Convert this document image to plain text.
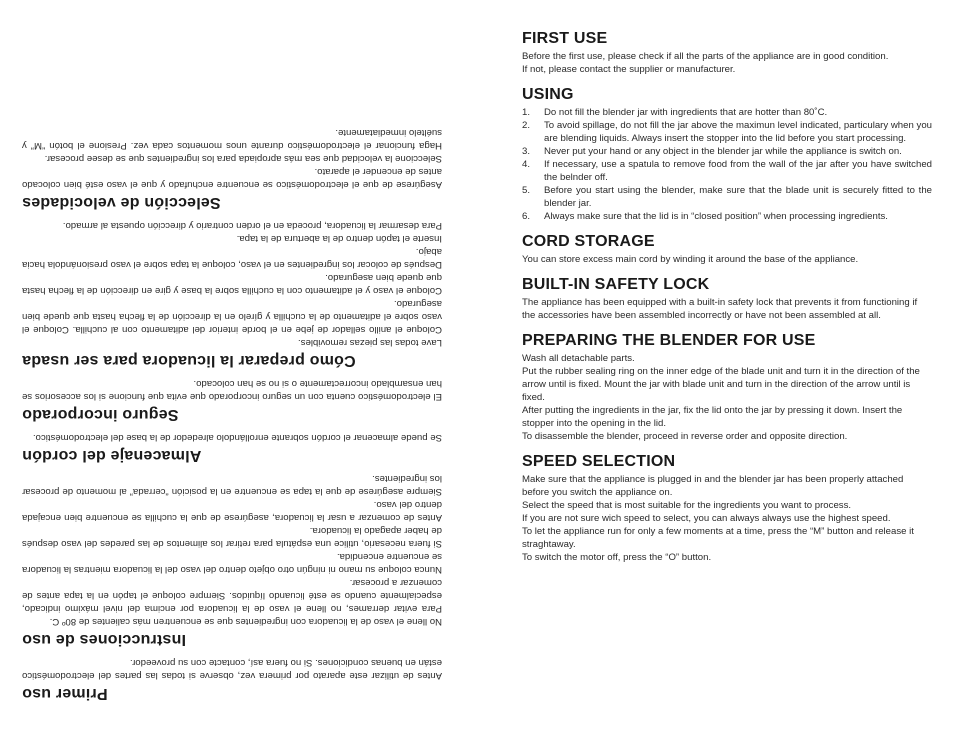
Primer uso

Antes de utilizar este aparato por primera vez, observe si todas las partes del electrodoméstico están en buenas condiciones. Si no fuera así, contacte con su proveedor.

Instrucciones de uso

No llene el vaso de la licuadora con ingredientes que se encuentren más calientes de 80º C.

Para evitar derrames, no llene el vaso de la licuadora por encima del nivel máximo indicado, especialmente cuando se esté licuando líquidos. Siempre coloque el tapón en la tapa antes de comenzar a procesar.

Nunca coloque su mano ni ningún otro objeto dentro del vaso del la licuadora mientras la licuadora se encuentre encendida.

Si fuera necesario, utilice una espátula para retirar los alimentos de las paredes del vaso después de haber apagado la licuadora.

Antes de comenzar a usar la licuadora, asegúrese de que la cuchilla se encuentre bien encajada dentro del vaso.

Siempre asegúrese de que la tapa se encuentre en la posición “cerrada” al momento de procesar los ingredientes.

Almacenaje del cordón

Se puede almacenar el cordón sobrante enrollándolo alrededor de la base del electrodoméstico.

Seguro incorporado

El electrodoméstico cuenta con un seguro incorporado que evita que funcione si los accesorios se han ensamblado incorrectamente o si no se han colocado.

Cómo preparar la licuadora para ser usada

Lave todas las piezas removibles.

Coloque el anillo sellador de jebe en el borde interior del aditamento con al cuchilla. Coloque el vaso sobre el aditamento de la cuchilla y gírelo en la dirección de la flecha hasta que quede bien asegurado.

Coloque el vaso y el aditamento con la cuchilla sobre la base y gire en dirección de la flecha hasta que quede bien asegurado.

Después de colocar los ingredientes en el vaso, coloque la tapa sobre el vaso presionándola hacia abajo.

Inserte el tapón dentro de la abertura de la tapa.

Para desarmar la licuadora, proceda en el orden contrario y dirección opuesta al armado.

Selección de velocidades

Asegúrese de que el electrodoméstico se encuentre enchufado y que el vaso esté bien colocado antes de encender el aparato.

Seleccione la velocidad que sea más apropiada para los ingredientes que se desee procesar.

Haga funcionar el electrodoméstico durante unos momentos cada vez. Presione el botón “M” y suéltelo inmediatamente.

FIRST USE

Before the first use, please check if all the parts of the appliance are in good condition.

If not, please contact the supplier or manufacturer.

USING
1.	Do not fill the blender jar with ingredients that are hotter than 80˚C.
2.	To avoid spillage, do not fill the jar above the maximun level indicated, particulary when you are blending liquids. Always insert the stopper into the lid before you start processing.
3.	Never put your hand or any object in the blender jar while the appliance is switch on.
4.	If necessary, use a spatula to remove food from the wall of the jar after you have switched the belnder off.
5.	Before you start using the blender, make sure that the blade unit is securely fitted to the blender jar.
6.	Always make sure that the lid is in “closed position” when processing ingredients.
CORD STORAGE

You can store excess main cord by winding it around the base of the appliance.

BUILT-IN SAFETY LOCK

The appliance has been equipped with a built-in safety lock that prevents it from functioning if the accessories have been assembled incorrectly or have not been assembled at all.

PREPARING THE BLENDER FOR USE

Wash all detachable parts.

Put the rubber sealing ring on the inner edge of the blade unit and turn it in the direction of the arrow until is fixed. Mount the jar with blade unit and turn in the direction of the arrow until is fixed.

After putting the ingredients in the jar, fix the lid onto the jar by pressing it down. Insert the stopper into the opening in the lid.

To disassemble the blender, proceed in reverse order and opposite direction.

SPEED SELECTION

Make sure that the appliance is plugged in and the blender jar has been properly attached before you switch the appliance on.

Select the speed that is most suitable for the ingredients you want to process.

If you are not sure wich speed to select, you can always always use the highest speed.

To let the appliance run for only a few moments at a time, press the “M” button and release it straghtaway.

To switch the motor off, press the “O” button.
